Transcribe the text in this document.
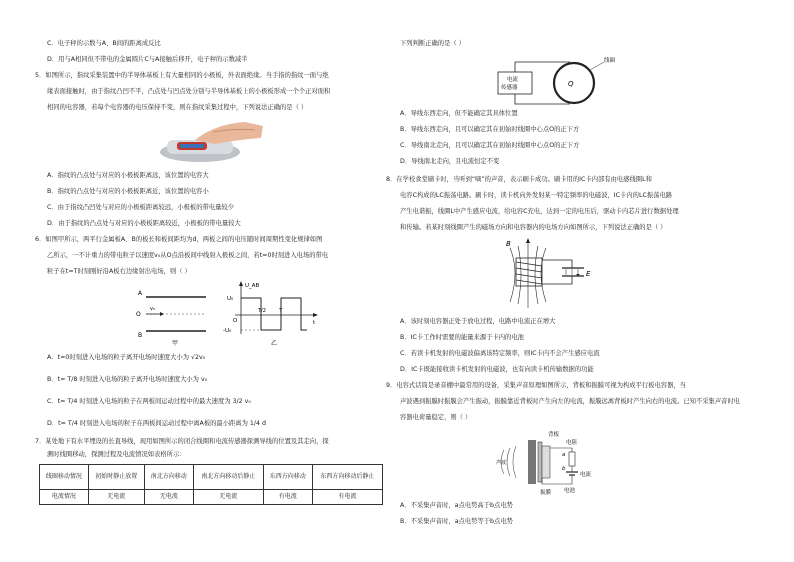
C．电子秤的示数与A、B间的距离成反比
D．用与A相同但不带电的金属圆片C与A接触后移开，电子秤的示数减半
5．如图所示，指纹采集装置中的半导体基板上有大量相同的小极板，外表面绝缘。当手指的指纹一面与绝
缘表面接触时，由于指纹凸凹不平，凸点处与凹点处分别与半导体基板上的小极板形成一个个正对面积
相同的电容器，若每个电容器的电压保持不变，则在指纹采集过程中，下列说法正确的是（ ）
A．指纹的凸点处与对应的小极板距离远，该位置的电容大
B．指纹的凸点处与对应的小极板距离近，该位置的电容小
C．由于指纹凸凹处与对应的小极板距离较远，小极板的带电量较少
D．由于指纹的凸点处与对应的小极板距离较近，小极板的带电量较大
6．如图甲所示，两平行金属板A、B的板长和板间距均为d，两板之间的电压随时间周期性变化规律如图
乙所示，一不计重力的带电粒子以速度v₀从O点沿板间中线射入极板之间，若t=0时刻进入电场的带电
粒子在t=T时刻刚好沿A板右边缘射出电场，则（ ）
A
B
O
v₀
甲
U_AB
t
U₀
-U₀
O
T/2 T
乙
A．t=0时刻进入电场的粒子离开电场时速度大小为 √2v₀
B．t= T/8 时刻进入电场的粒子离开电场时速度大小为 v₀
C．t= T/4 时刻进入电场的粒子在两板间运动过程中的最大速度为 3/2 v₀
D．t= T/4 时刻进入电场的粒子在两板间运动过程中离A板的最小距离为 1/4 d
7．某处地下有水平埋设的长直导线，现用如图所示的闭合线圈和电流传感器探测导线的位置及其走向，探
测时线圈移动，探测过程及电流情况如表格所示：
线圈移动情况	初始时静止放置	南北方向移动	南北方向移动后静止	东西方向移动	东西方向移动后静止
电流情况	无电流	无电流	无电流	有电流	有电流
下列判断正确的是（ ）
电流
传感器	Q
线圈
A．导线东西走向，但不能确定其具体位置
B．导线东西走向，且可以确定其在初始时线圈中心点O的正下方
C．导线南北走向，且可以确定其在初始时线圈中心点O的正下方
D．导线南北走向，且电流恒定不变
8．在学校食堂刷卡时，当听到“嘀”的声音，表示刷卡成功。刷卡用的IC卡内部有由电感线圈L和
电容C构成的LC振荡电路。刷卡时，读卡机向外发射某一特定频率的电磁波，IC卡内的LC振荡电路
产生电谐振，线圈L中产生感应电流，给电容C充电，达到一定的电压后，驱动卡内芯片进行数据处理
和传输。若某时刻线圈产生的磁场方向和电容器内的电场方向如图所示，下列说法正确的是（ ）
B
E
A．该时刻电容器正处于放电过程，电路中电流正在增大
B．IC卡工作时需要的能量来源于卡内的电池
C．若读卡机发射的电磁波偏离该特定频率，则IC卡内不会产生感应电流
D．IC卡既能接收读卡机发射的电磁波，也有向读卡机传输数据的功能
9．电容式话筒是录音棚中最常用的设备，采集声音原理如图所示，背板和振膜可视为构成平行板电容器，当
声波遇到振膜时振膜会产生振动，振膜靠近背板时产生向左的电流，振膜远离背板时产生向右的电流。已知不采集声音时电
容器电荷量稳定，则（ ）
声波
背板
电阻
a
b
电流
电池
振膜
A．不采集声音时，a点电势高于b点电势
B．不采集声音时，a点电势等于b点电势
